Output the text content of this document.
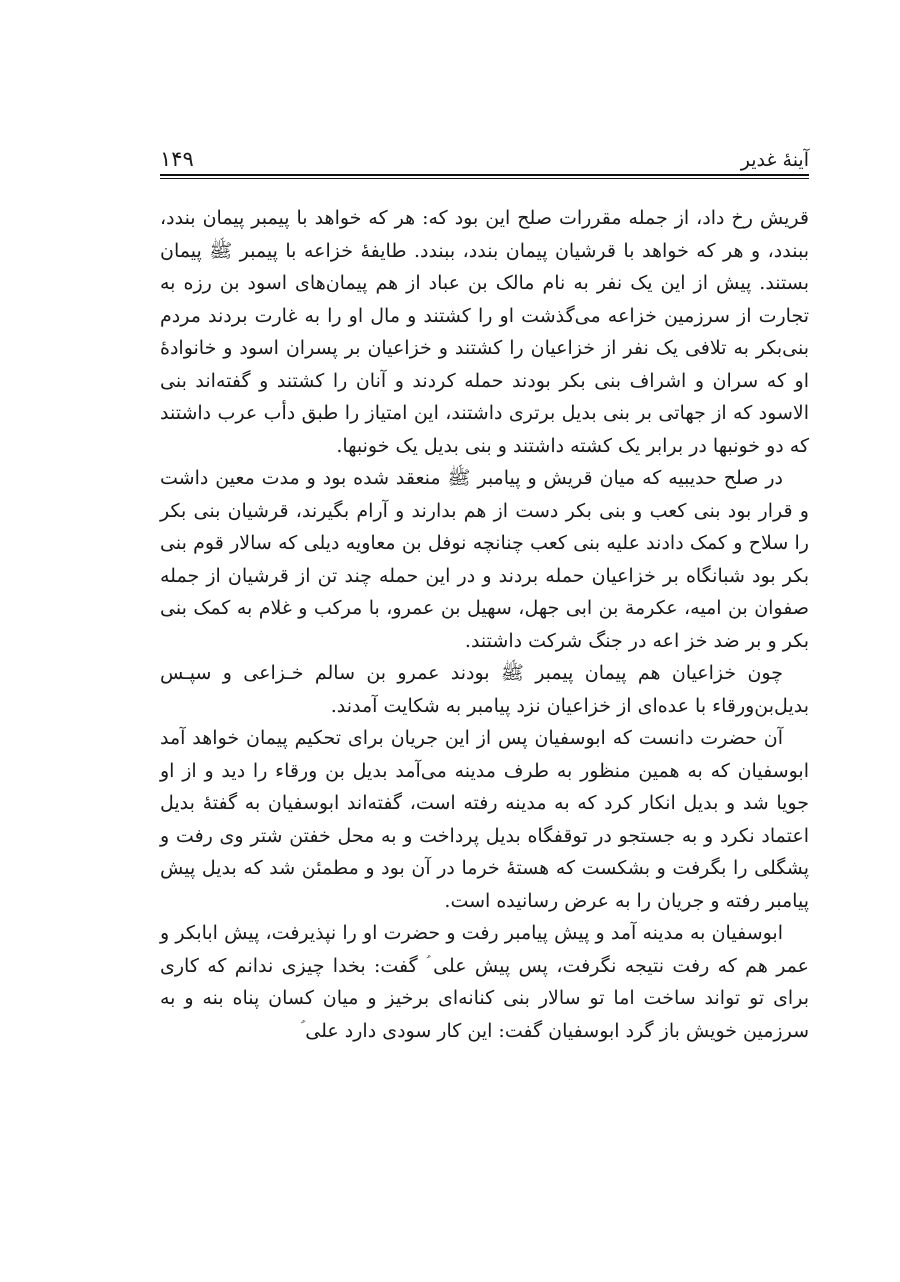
آینهٔ غدیر
۱۴۹

قریش رخ داد، از جمله مقررات صلح این بود که: هر که خواهد با پیمبر پیمان بندد، ببندد، و هر که خواهد با قرشیان پیمان بندد، ببندد. طایفهٔ خزاعه با پیمبر ﷺ پیمان بستند. پیش از این یک نفر به نام مالک بن عباد از هم پیمان‌های اسود بن رزه به تجارت از سرزمین خزاعه می‌گذشت او را کشتند و مال او را به غارت بردند مردم بنی‌بکر به تلافی یک نفر از خزاعیان را کشتند و خزاعیان بر پسران اسود و خانوادهٔ او که سران و اشراف بنی بکر بودند حمله کردند و آنان را کشتند و گفته‌اند بنی الاسود که از جهاتی بر بنی بدیل برتری داشتند، این امتیاز را طبق دأب عرب داشتند که دو خونبها در برابر یک کشته داشتند و بنی بدیل یک خونبها.

در صلح حدیبیه که میان قریش و پیامبر ﷺ منعقد شده بود و مدت معین داشت و قرار بود بنی کعب و بنی بکر دست از هم بدارند و آرام بگیرند، قرشیان بنی بکر را سلاح و کمک دادند علیه بنی کعب چنانچه نوفل بن معاویه دیلی که سالار قوم بنی بکر بود شبانگاه بر خزاعیان حمله بردند و در این حمله چند تن از قرشیان از جمله صفوان بن امیه، عکرمة بن ابی جهل، سهیل بن عمرو، با مرکب و غلام به کمک بنی بکر و بر ضد خز اعه در جنگ شرکت داشتند.

چون خزاعیان هم پیمان پیمبر ﷺ بودند عمرو بن سالم خـزاعی و سپـس بدیل‌بن‌ورقاء با عده‌ای از خزاعیان نزد پیامبر به شکایت آمدند.

آن حضرت دانست که ابوسفیان پس از این جریان برای تحکیم پیمان خواهد آمد ابوسفیان که به همین منظور به طرف مدینه می‌آمد بدیل بن ورقاء را دید و از او جویا شد و بدیل انکار کرد که به مدینه رفته است، گفته‌اند ابوسفیان به گفتهٔ بدیل اعتماد نکرد و به جستجو در توقفگاه بدیل پرداخت و به محل خفتن شتر وی رفت و پشگلی را بگرفت و بشکست که هستهٔ خرما در آن بود و مطمئن شد که بدیل پیش پیامبر رفته و جریان را به عرض رسانیده است.

ابوسفیان به مدینه آمد و پیش پیامبر رفت و حضرت او را نپذیرفت، پیش ابابکر و عمر هم که رفت نتیجه نگرفت، پس پیش علی ؑ گفت: بخدا چیزی ندانم که کاری برای تو تواند ساخت اما تو سالار بنی کنانه‌ای برخیز و میان کسان پناه بنه و به سرزمین خویش باز گرد ابوسفیان گفت: این کار سودی دارد علی ؑ
